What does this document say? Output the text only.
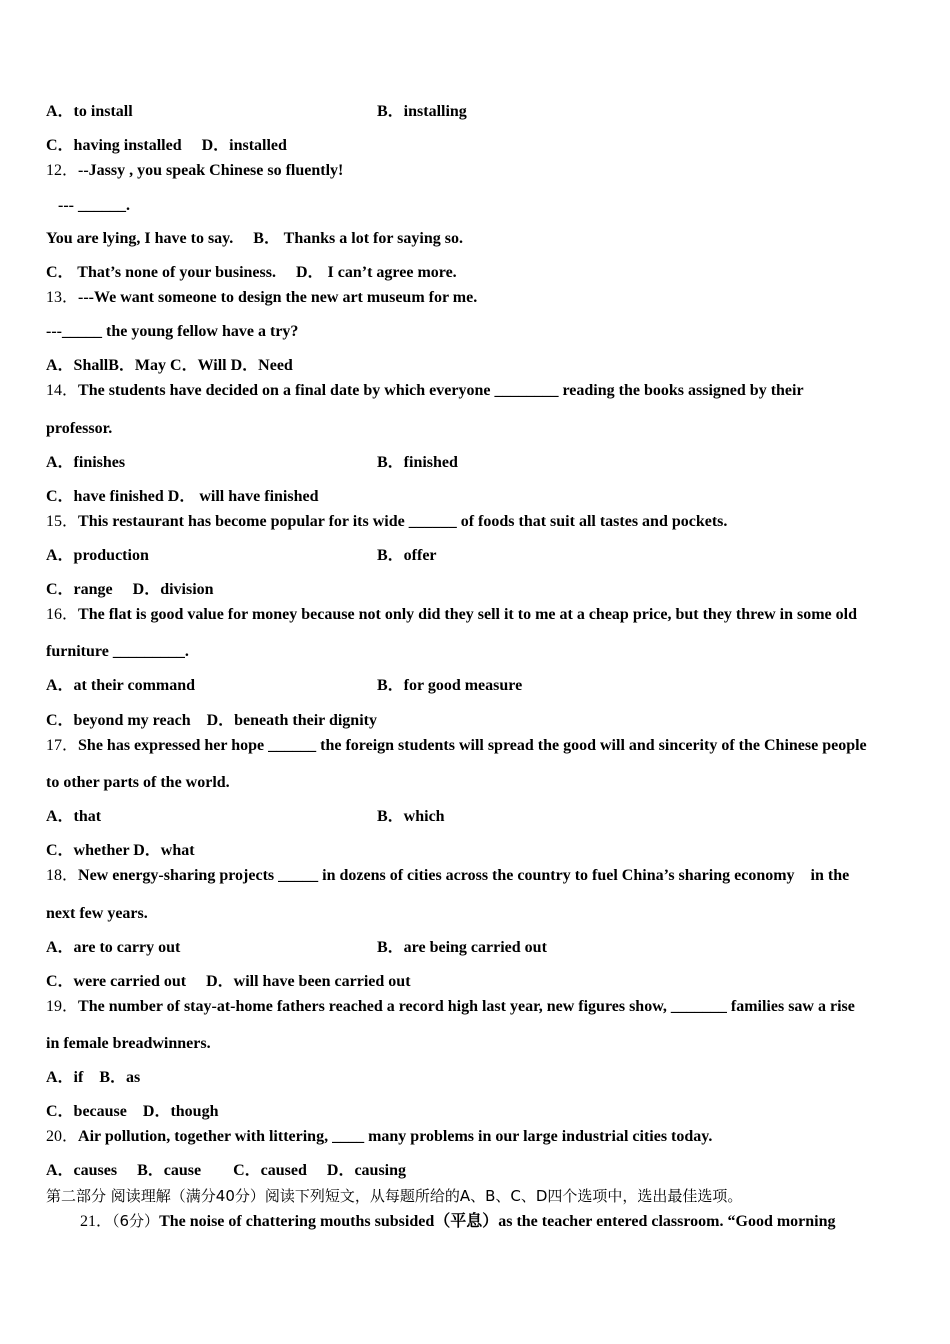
A．to install	B．installing
C．having installed　 D．installed
12．--Jassy , you speak Chinese so fluently!
--- ______.
You are lying, I have to say.　 B． Thanks a lot for saying so.
C． That’s none of your business.　 D． I can’t agree more.
13．---We want someone to design the new art museum for me.
---_____ the young fellow have a try?
A．ShallB．May C．Will D．Need
14．The students have decided on a final date by which everyone ________ reading the books assigned by their
professor.
A．finishes	B．finished
C．have finished D． will have finished
15．This restaurant has become popular for its wide ______ of foods that suit all tastes and pockets.
A．production	B．offer
C．range　 D．division
16．The flat is good value for money because not only did they sell it to me at a cheap price, but they threw in some old
furniture _________.
A．at their command	B．for good measure
C．beyond my reach　D．beneath their dignity
17．She has expressed her hope ______ the foreign students will spread the good will and sincerity of the Chinese people
to other parts of the world.
A．that	B．which
C．whether D．what
18．New energy-sharing projects _____ in dozens of cities across the country to fuel China’s sharing economy　in the
next few years.
A．are to carry out	B．are being carried out
C．were carried out　 D．will have been carried out
19．The number of stay-at-home fathers reached a record high last year, new figures show, _______ families saw a rise
in female breadwinners.
A．if　B．as
C．because　D．though
20．Air pollution, together with littering, ____ many problems in our large industrial cities today.
A．causes　 B．cause　　C．caused　 D．causing
第二部分 阅读理解（满分40分）阅读下列短文，从每题所给的A、B、C、D四个选项中，选出最佳选项。
21．（6分）The noise of chattering mouths subsided（平息）as the teacher entered classroom. “Good morning
